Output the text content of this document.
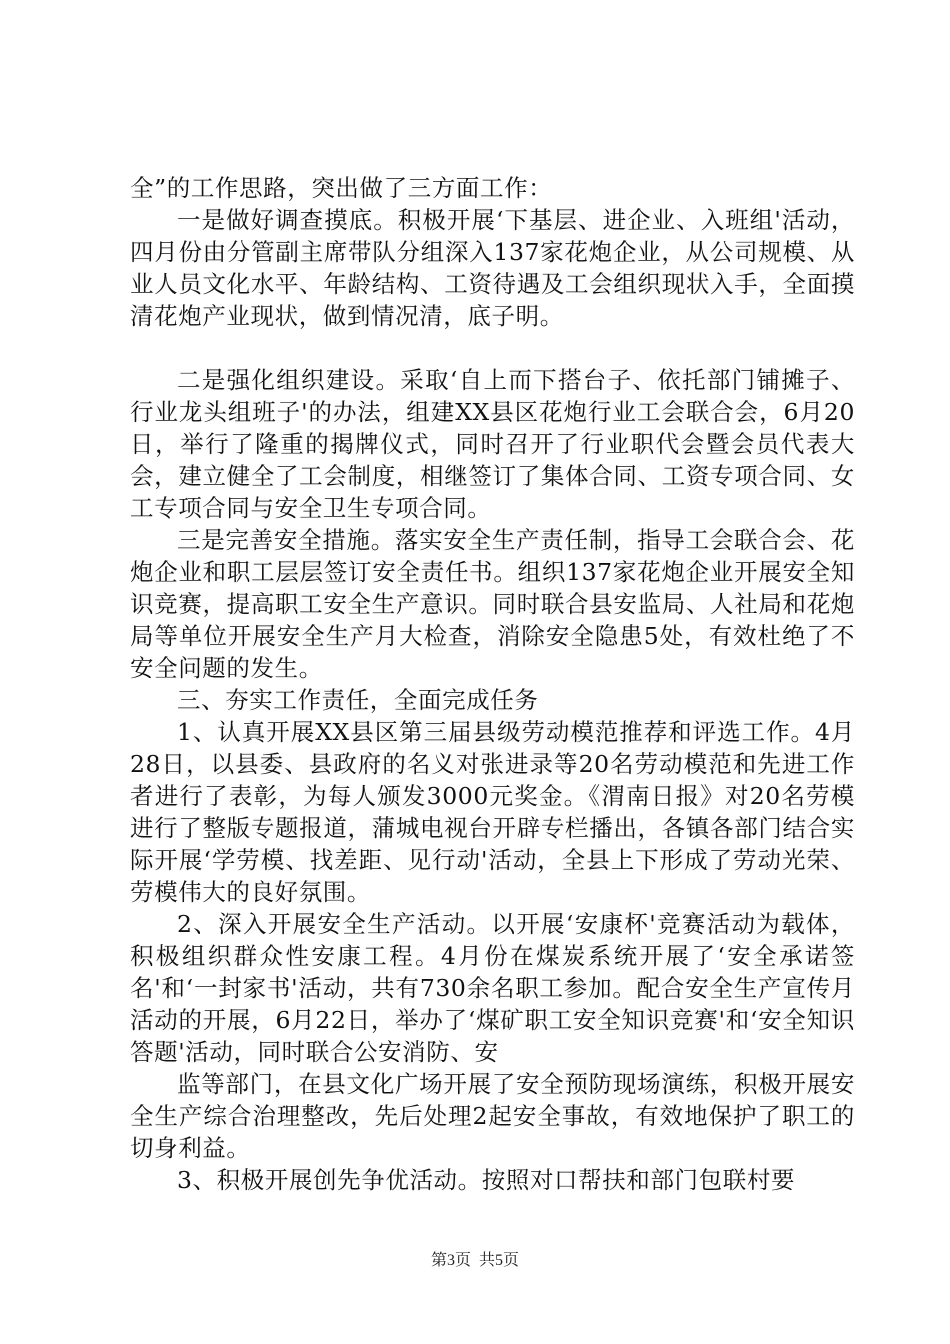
全”的工作思路，突出做了三方面工作：

一是做好调查摸底。积极开展‘下基层、进企业、入班组'活动，四月份由分管副主席带队分组深入137家花炮企业，从公司规模、从业人员文化水平、年龄结构、工资待遇及工会组织现状入手，全面摸清花炮产业现状，做到情况清，底子明。

二是强化组织建设。采取‘自上而下搭台子、依托部门铺摊子、行业龙头组班子'的办法，组建XX县区花炮行业工会联合会，6月20日，举行了隆重的揭牌仪式，同时召开了行业职代会暨会员代表大会，建立健全了工会制度，相继签订了集体合同、工资专项合同、女工专项合同与安全卫生专项合同。

三是完善安全措施。落实安全生产责任制，指导工会联合会、花炮企业和职工层层签订安全责任书。组织137家花炮企业开展安全知识竞赛，提高职工安全生产意识。同时联合县安监局、人社局和花炮局等单位开展安全生产月大检查，消除安全隐患5处，有效杜绝了不安全问题的发生。

三、夯实工作责任，全面完成任务

1、认真开展XX县区第三届县级劳动模范推荐和评选工作。4月28日，以县委、县政府的名义对张进录等20名劳动模范和先进工作者进行了表彰，为每人颁发3000元奖金。《渭南日报》对20名劳模进行了整版专题报道，蒲城电视台开辟专栏播出，各镇各部门结合实际开展‘学劳模、找差距、见行动'活动，全县上下形成了劳动光荣、劳模伟大的良好氛围。

2、深入开展安全生产活动。以开展‘安康杯'竞赛活动为载体，积极组织群众性安康工程。4月份在煤炭系统开展了‘安全承诺签名'和‘一封家书'活动，共有730余名职工参加。配合安全生产宣传月活动的开展，6月22日，举办了‘煤矿职工安全知识竞赛'和‘安全知识答题'活动，同时联合公安消防、安

监等部门，在县文化广场开展了安全预防现场演练，积极开展安全生产综合治理整改，先后处理2起安全事故，有效地保护了职工的切身利益。

3、积极开展创先争优活动。按照对口帮扶和部门包联村要

第3页 共5页
